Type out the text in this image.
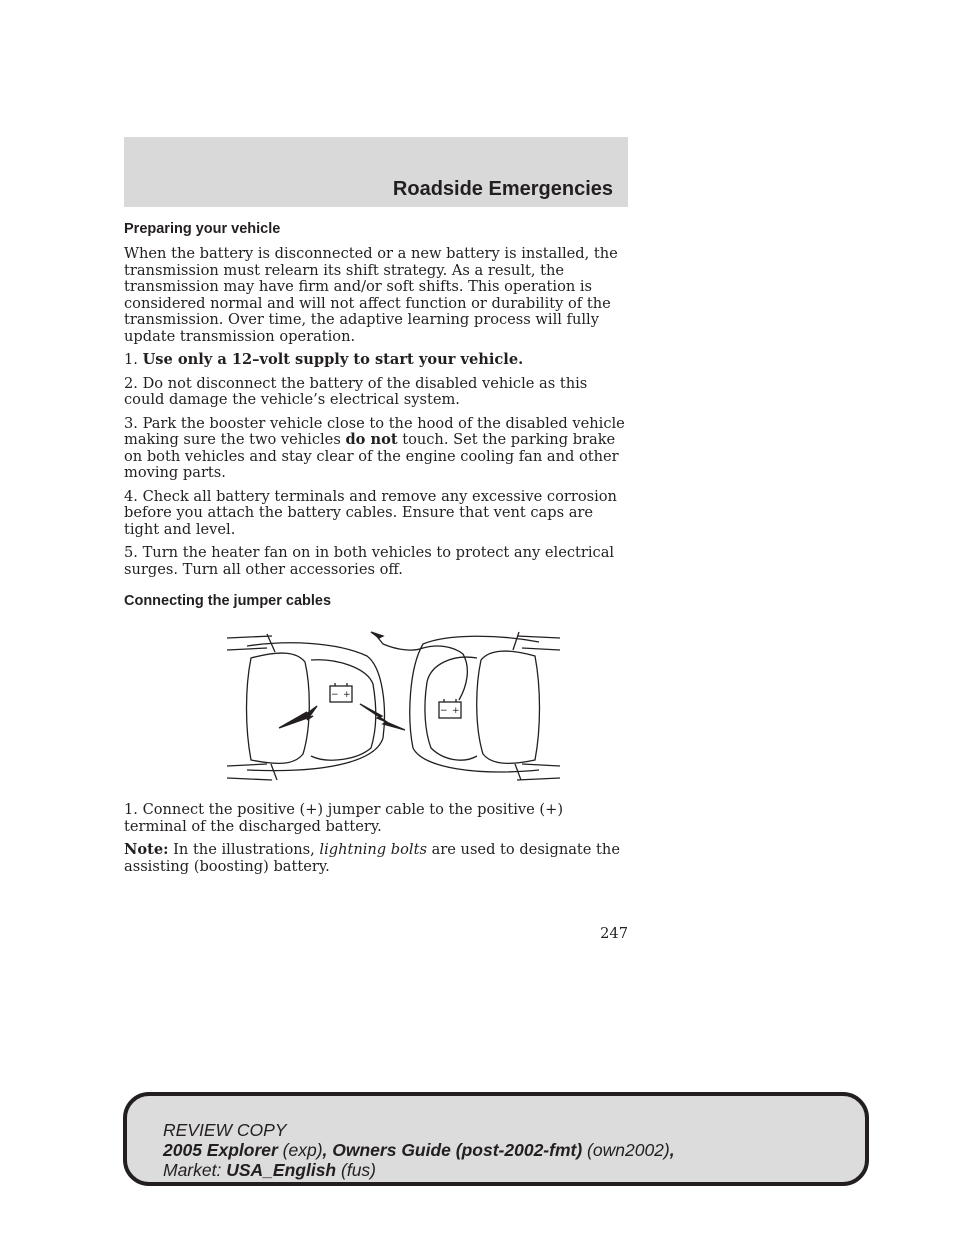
Roadside Emergencies
Preparing your vehicle

When the battery is disconnected or a new battery is installed, the transmission must relearn its shift strategy. As a result, the transmission may have firm and/or soft shifts. This operation is considered normal and will not affect function or durability of the transmission. Over time, the adaptive learning process will fully update transmission operation.

1. Use only a 12–volt supply to start your vehicle.

2. Do not disconnect the battery of the disabled vehicle as this could damage the vehicle’s electrical system.

3. Park the booster vehicle close to the hood of the disabled vehicle making sure the two vehicles do not touch. Set the parking brake on both vehicles and stay clear of the engine cooling fan and other moving parts.

4. Check all battery terminals and remove any excessive corrosion before you attach the battery cables. Ensure that vent caps are tight and level.

5. Turn the heater fan on in both vehicles to protect any electrical surges. Turn all other accessories off.

Connecting the jumper cables
− +
− +

1. Connect the positive (+) jumper cable to the positive (+) terminal of the discharged battery.

Note: In the illustrations, lightning bolts are used to designate the assisting (boosting) battery.

247
REVIEW COPY
2005 Explorer (exp), Owners Guide (post-2002-fmt) (own2002),
Market: USA_English (fus)
